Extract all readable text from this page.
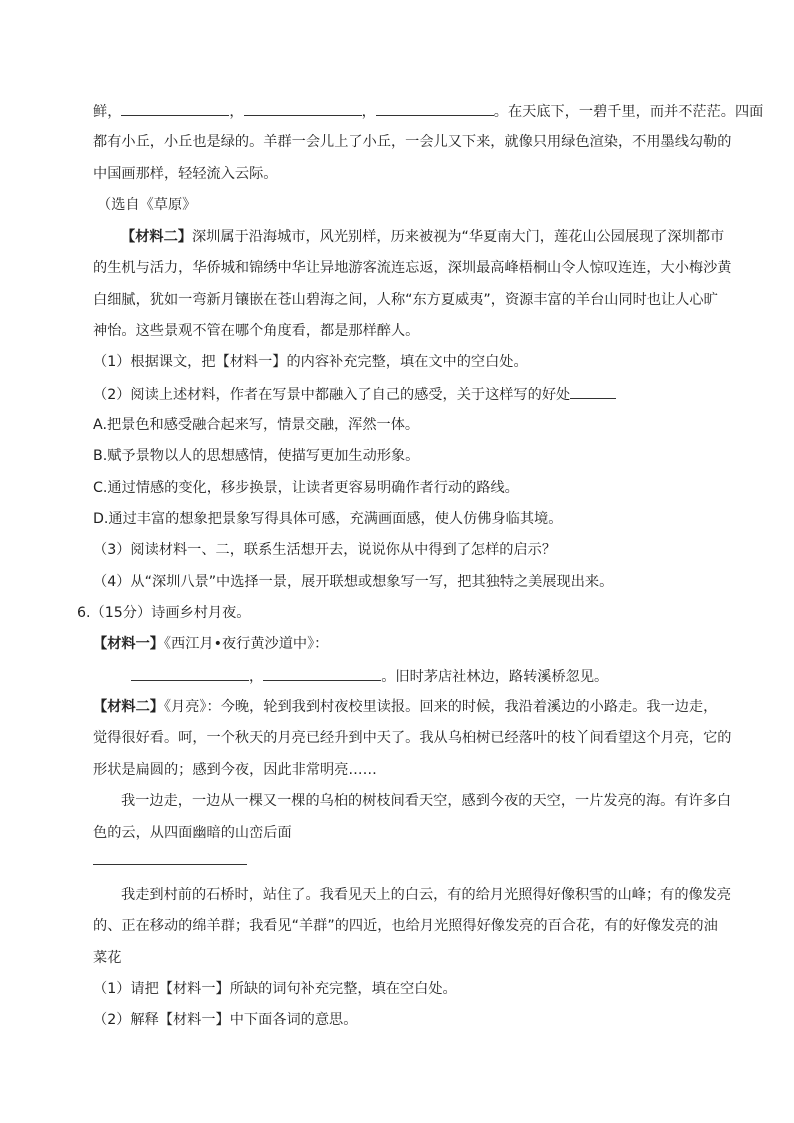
鲜，	，	，	。在天底下，一碧千里，而并不茫茫。四面
都有小丘，小丘也是绿的。羊群一会儿上了小丘，一会儿又下来，就像只用绿色渲染，不用墨线勾勒的
中国画那样，轻轻流入云际。
（选自《草原》
【材料二】深圳属于沿海城市，风光别样，历来被视为“华夏南大门，莲花山公园展现了深圳都市
的生机与活力，华侨城和锦绣中华让异地游客流连忘返，深圳最高峰梧桐山令人惊叹连连，大小梅沙黄
白细腻，犹如一弯新月镶嵌在苍山碧海之间，人称“东方夏威夷”，资源丰富的羊台山同时也让人心旷
神怡。这些景观不管在哪个角度看，都是那样醉人。
（1）根据课文，把【材料一】的内容补充完整，填在文中的空白处。
（2）阅读上述材料，作者在写景中都融入了自己的感受，关于这样写的好处
A.把景色和感受融合起来写，情景交融，浑然一体。
B.赋予景物以人的思想感情，使描写更加生动形象。
C.通过情感的变化，移步换景，让读者更容易明确作者行动的路线。
D.通过丰富的想象把景象写得具体可感，充满画面感，使人仿佛身临其境。
（3）阅读材料一、二，联系生活想开去，说说你从中得到了怎样的启示？
（4）从“深圳八景”中选择一景，展开联想或想象写一写，把其独特之美展现出来。
6.（15分）诗画乡村月夜。
【材料一】《西江月•夜行黄沙道中》：
，	。旧时茅店社林边，路转溪桥忽见。
【材料二】《月亮》：今晚，轮到我到村夜校里读报。回来的时候，我沿着溪边的小路走。我一边走，
觉得很好看。呵，一个秋天的月亮已经升到中天了。我从乌桕树已经落叶的枝丫间看望这个月亮，它的
形状是扁圆的；感到今夜，因此非常明亮……
我一边走，一边从一棵又一棵的乌桕的树枝间看天空，感到今夜的天空，一片发亮的海。有许多白
色的云，从四面幽暗的山峦后面
我走到村前的石桥时，站住了。我看见天上的白云，有的给月光照得好像积雪的山峰；有的像发亮
的、正在移动的绵羊群；我看见“羊群”的四近，也给月光照得好像发亮的百合花，有的好像发亮的油
菜花
（1）请把【材料一】所缺的词句补充完整，填在空白处。
（2）解释【材料一】中下面各词的意思。
